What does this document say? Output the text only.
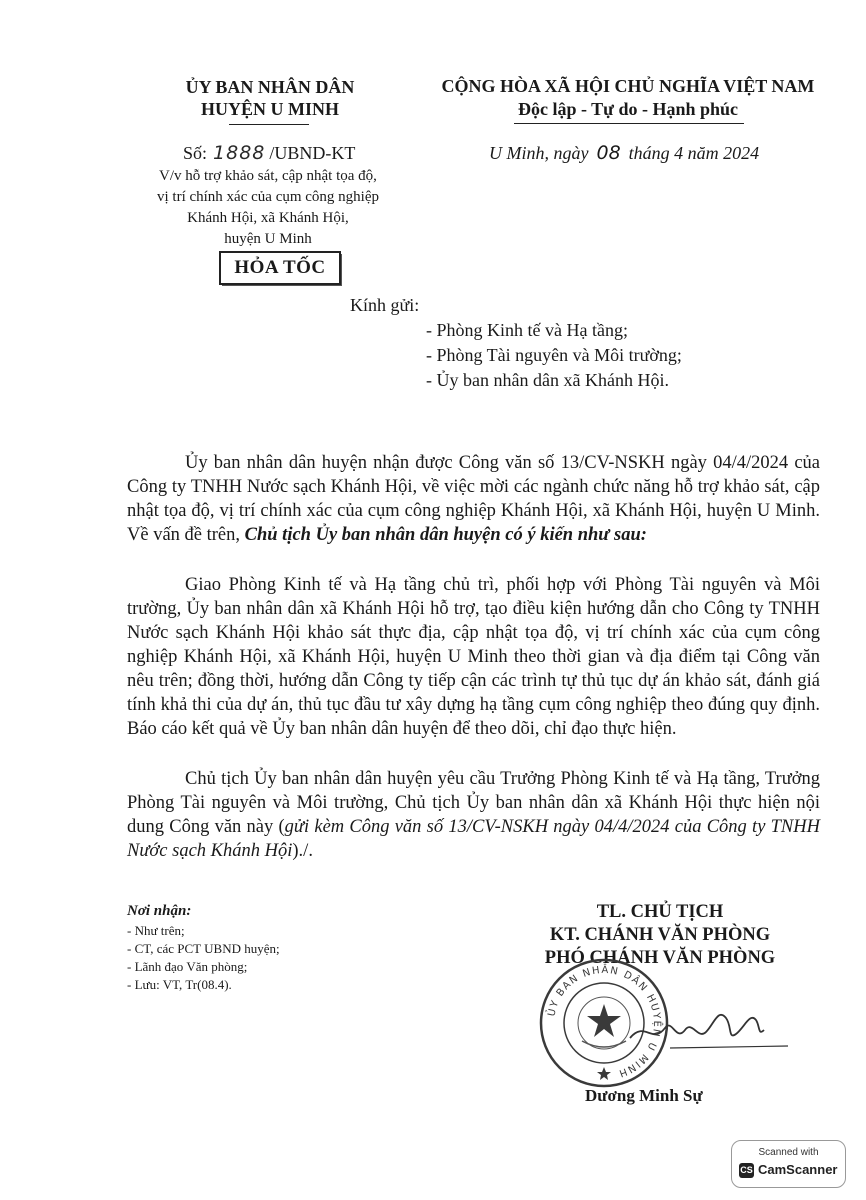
ỦY BAN NHÂN DÂN
HUYỆN U MINH
CỘNG HÒA XÃ HỘI CHỦ NGHĨA VIỆT NAM
Độc lập - Tự do - Hạnh phúc
Số: 1888 /UBND-KT	U Minh, ngày 08 tháng 4 năm 2024
V/v hỗ trợ khảo sát, cập nhật tọa độ,
vị trí chính xác của cụm công nghiệp
Khánh Hội, xã Khánh Hội,
huyện U Minh
HỎA TỐC
Kính gửi:
- Phòng Kinh tế và Hạ tầng;
- Phòng Tài nguyên và Môi trường;
- Ủy ban nhân dân xã Khánh Hội.

Ủy ban nhân dân huyện nhận được Công văn số 13/CV-NSKH ngày 04/4/2024 của Công ty TNHH Nước sạch Khánh Hội, về việc mời các ngành chức năng hỗ trợ khảo sát, cập nhật tọa độ, vị trí chính xác của cụm công nghiệp Khánh Hội, xã Khánh Hội, huyện U Minh. Về vấn đề trên, Chủ tịch Ủy ban nhân dân huyện có ý kiến như sau:

Giao Phòng Kinh tế và Hạ tầng chủ trì, phối hợp với Phòng Tài nguyên và Môi trường, Ủy ban nhân dân xã Khánh Hội hỗ trợ, tạo điều kiện hướng dẫn cho Công ty TNHH Nước sạch Khánh Hội khảo sát thực địa, cập nhật tọa độ, vị trí chính xác của cụm công nghiệp Khánh Hội, xã Khánh Hội, huyện U Minh theo thời gian và địa điểm tại Công văn nêu trên; đồng thời, hướng dẫn Công ty tiếp cận các trình tự thủ tục dự án khảo sát, đánh giá tính khả thi của dự án, thủ tục đầu tư xây dựng hạ tầng cụm công nghiệp theo đúng quy định. Báo cáo kết quả về Ủy ban nhân dân huyện để theo dõi, chỉ đạo thực hiện.

Chủ tịch Ủy ban nhân dân huyện yêu cầu Trưởng Phòng Kinh tế và Hạ tầng, Trưởng Phòng Tài nguyên và Môi trường, Chủ tịch Ủy ban nhân dân xã Khánh Hội thực hiện nội dung Công văn này (gửi kèm Công văn số 13/CV-NSKH ngày 04/4/2024 của Công ty TNHH Nước sạch Khánh Hội)./.

Nơi nhận:
- Như trên;
- CT, các PCT UBND huyện;
- Lãnh đạo Văn phòng;
- Lưu: VT, Tr(08.4).
TL. CHỦ TỊCH
KT. CHÁNH VĂN PHÒNG
PHÓ CHÁNH VĂN PHÒNG
ỦY BAN NHÂN DÂN HUYỆN U MINH
Dương Minh Sự
Scanned with
CS CamScanner
